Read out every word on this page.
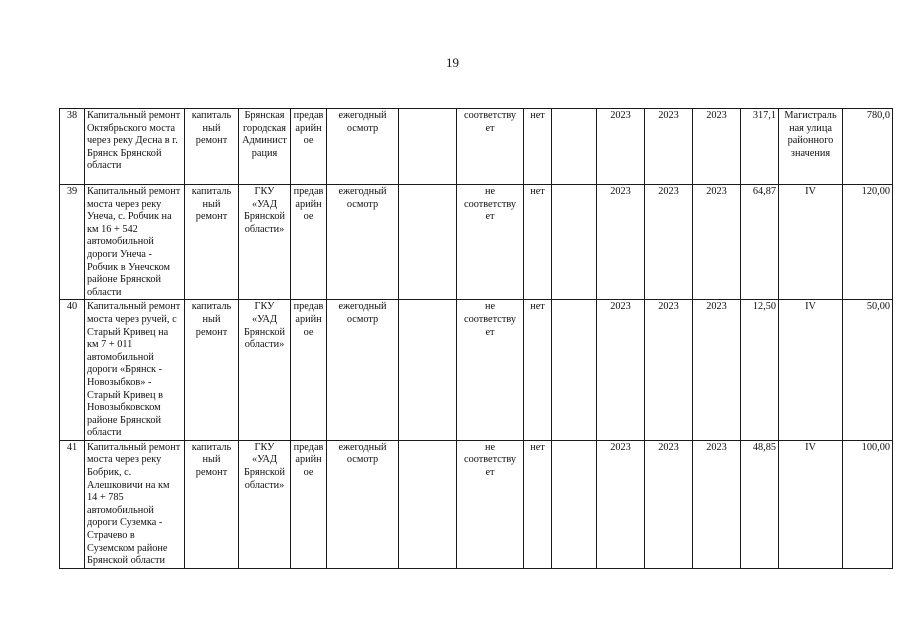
19
38	Капитальный ремонт Октябрьского моста через реку Десна в г. Брянск Брянской области	капиталь ный ремонт	Брянская городская Админист рация	предав арийн ое	ежегодный осмотр		соответству ет	нет		2023	2023	2023	317,1	Магистраль ная улица районного значения	780,0
39	Капитальный ремонт моста через реку Унеча, с. Робчик на км 16 + 542 автомобильной дороги Унеча - Робчик в Унечском районе Брянской области	капиталь ный ремонт	ГКУ «УАД Брянской области»	предав арийн ое	ежегодный осмотр		не соответству ет	нет		2023	2023	2023	64,87	IV	120,00
40	Капитальный ремонт моста через ручей, с Старый Кривец на км 7 + 011 автомобильной дороги «Брянск - Новозыбков» - Старый Кривец в Новозыбковском районе Брянской области	капиталь ный ремонт	ГКУ «УАД Брянской области»	предав арийн ое	ежегодный осмотр		не соответству ет	нет		2023	2023	2023	12,50	IV	50,00
41	Капитальный ремонт моста через реку Бобрик, с. Алешковичи на км 14 + 785 автомобильной дороги Суземка - Страчево в Суземском районе Брянской области	капиталь ный ремонт	ГКУ «УАД Брянской области»	предав арийн ое	ежегодный осмотр		не соответству ет	нет		2023	2023	2023	48,85	IV	100,00
